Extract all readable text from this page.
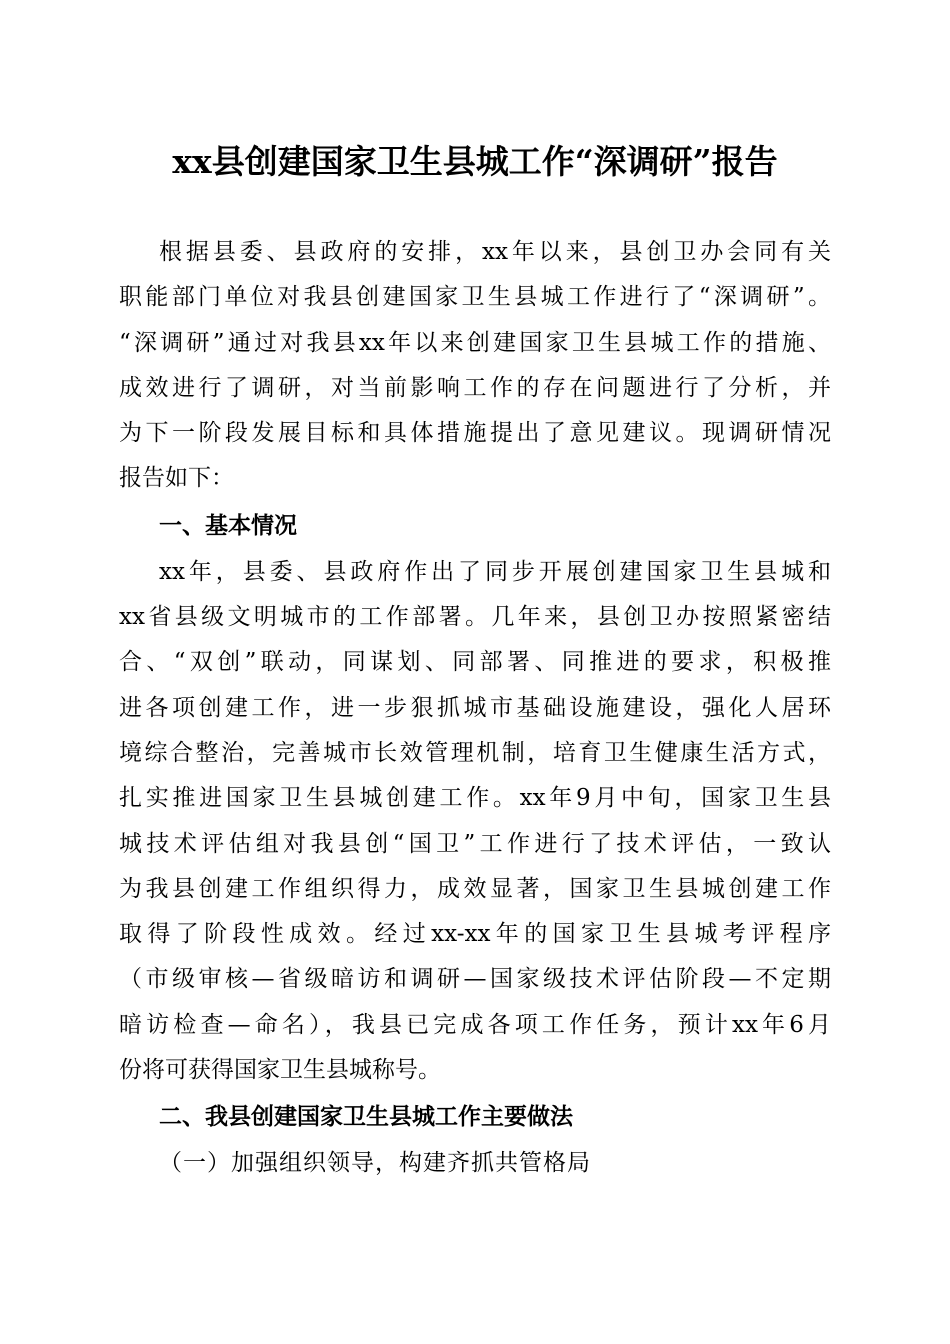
xx县创建国家卫生县城工作“深调研”报告
根据县委、县政府的安排，xx年以来，县创卫办会同有关
职能部门单位对我县创建国家卫生县城工作进行了“深调研”。
“深调研”通过对我县xx年以来创建国家卫生县城工作的措施、
成效进行了调研，对当前影响工作的存在问题进行了分析，并
为下一阶段发展目标和具体措施提出了意见建议。现调研情况
报告如下：
一、基本情况
xx年，县委、县政府作出了同步开展创建国家卫生县城和
xx省县级文明城市的工作部署。几年来，县创卫办按照紧密结
合、“双创”联动，同谋划、同部署、同推进的要求，积极推
进各项创建工作，进一步狠抓城市基础设施建设，强化人居环
境综合整治，完善城市长效管理机制，培育卫生健康生活方式，
扎实推进国家卫生县城创建工作。xx年9月中旬，国家卫生县
城技术评估组对我县创“国卫”工作进行了技术评估，一致认
为我县创建工作组织得力，成效显著，国家卫生县城创建工作
取得了阶段性成效。经过xx-xx年的国家卫生县城考评程序
（市级审核—省级暗访和调研—国家级技术评估阶段—不定期
暗访检查—命名），我县已完成各项工作任务，预计xx年6月
份将可获得国家卫生县城称号。
二、我县创建国家卫生县城工作主要做法
（一）加强组织领导，构建齐抓共管格局
